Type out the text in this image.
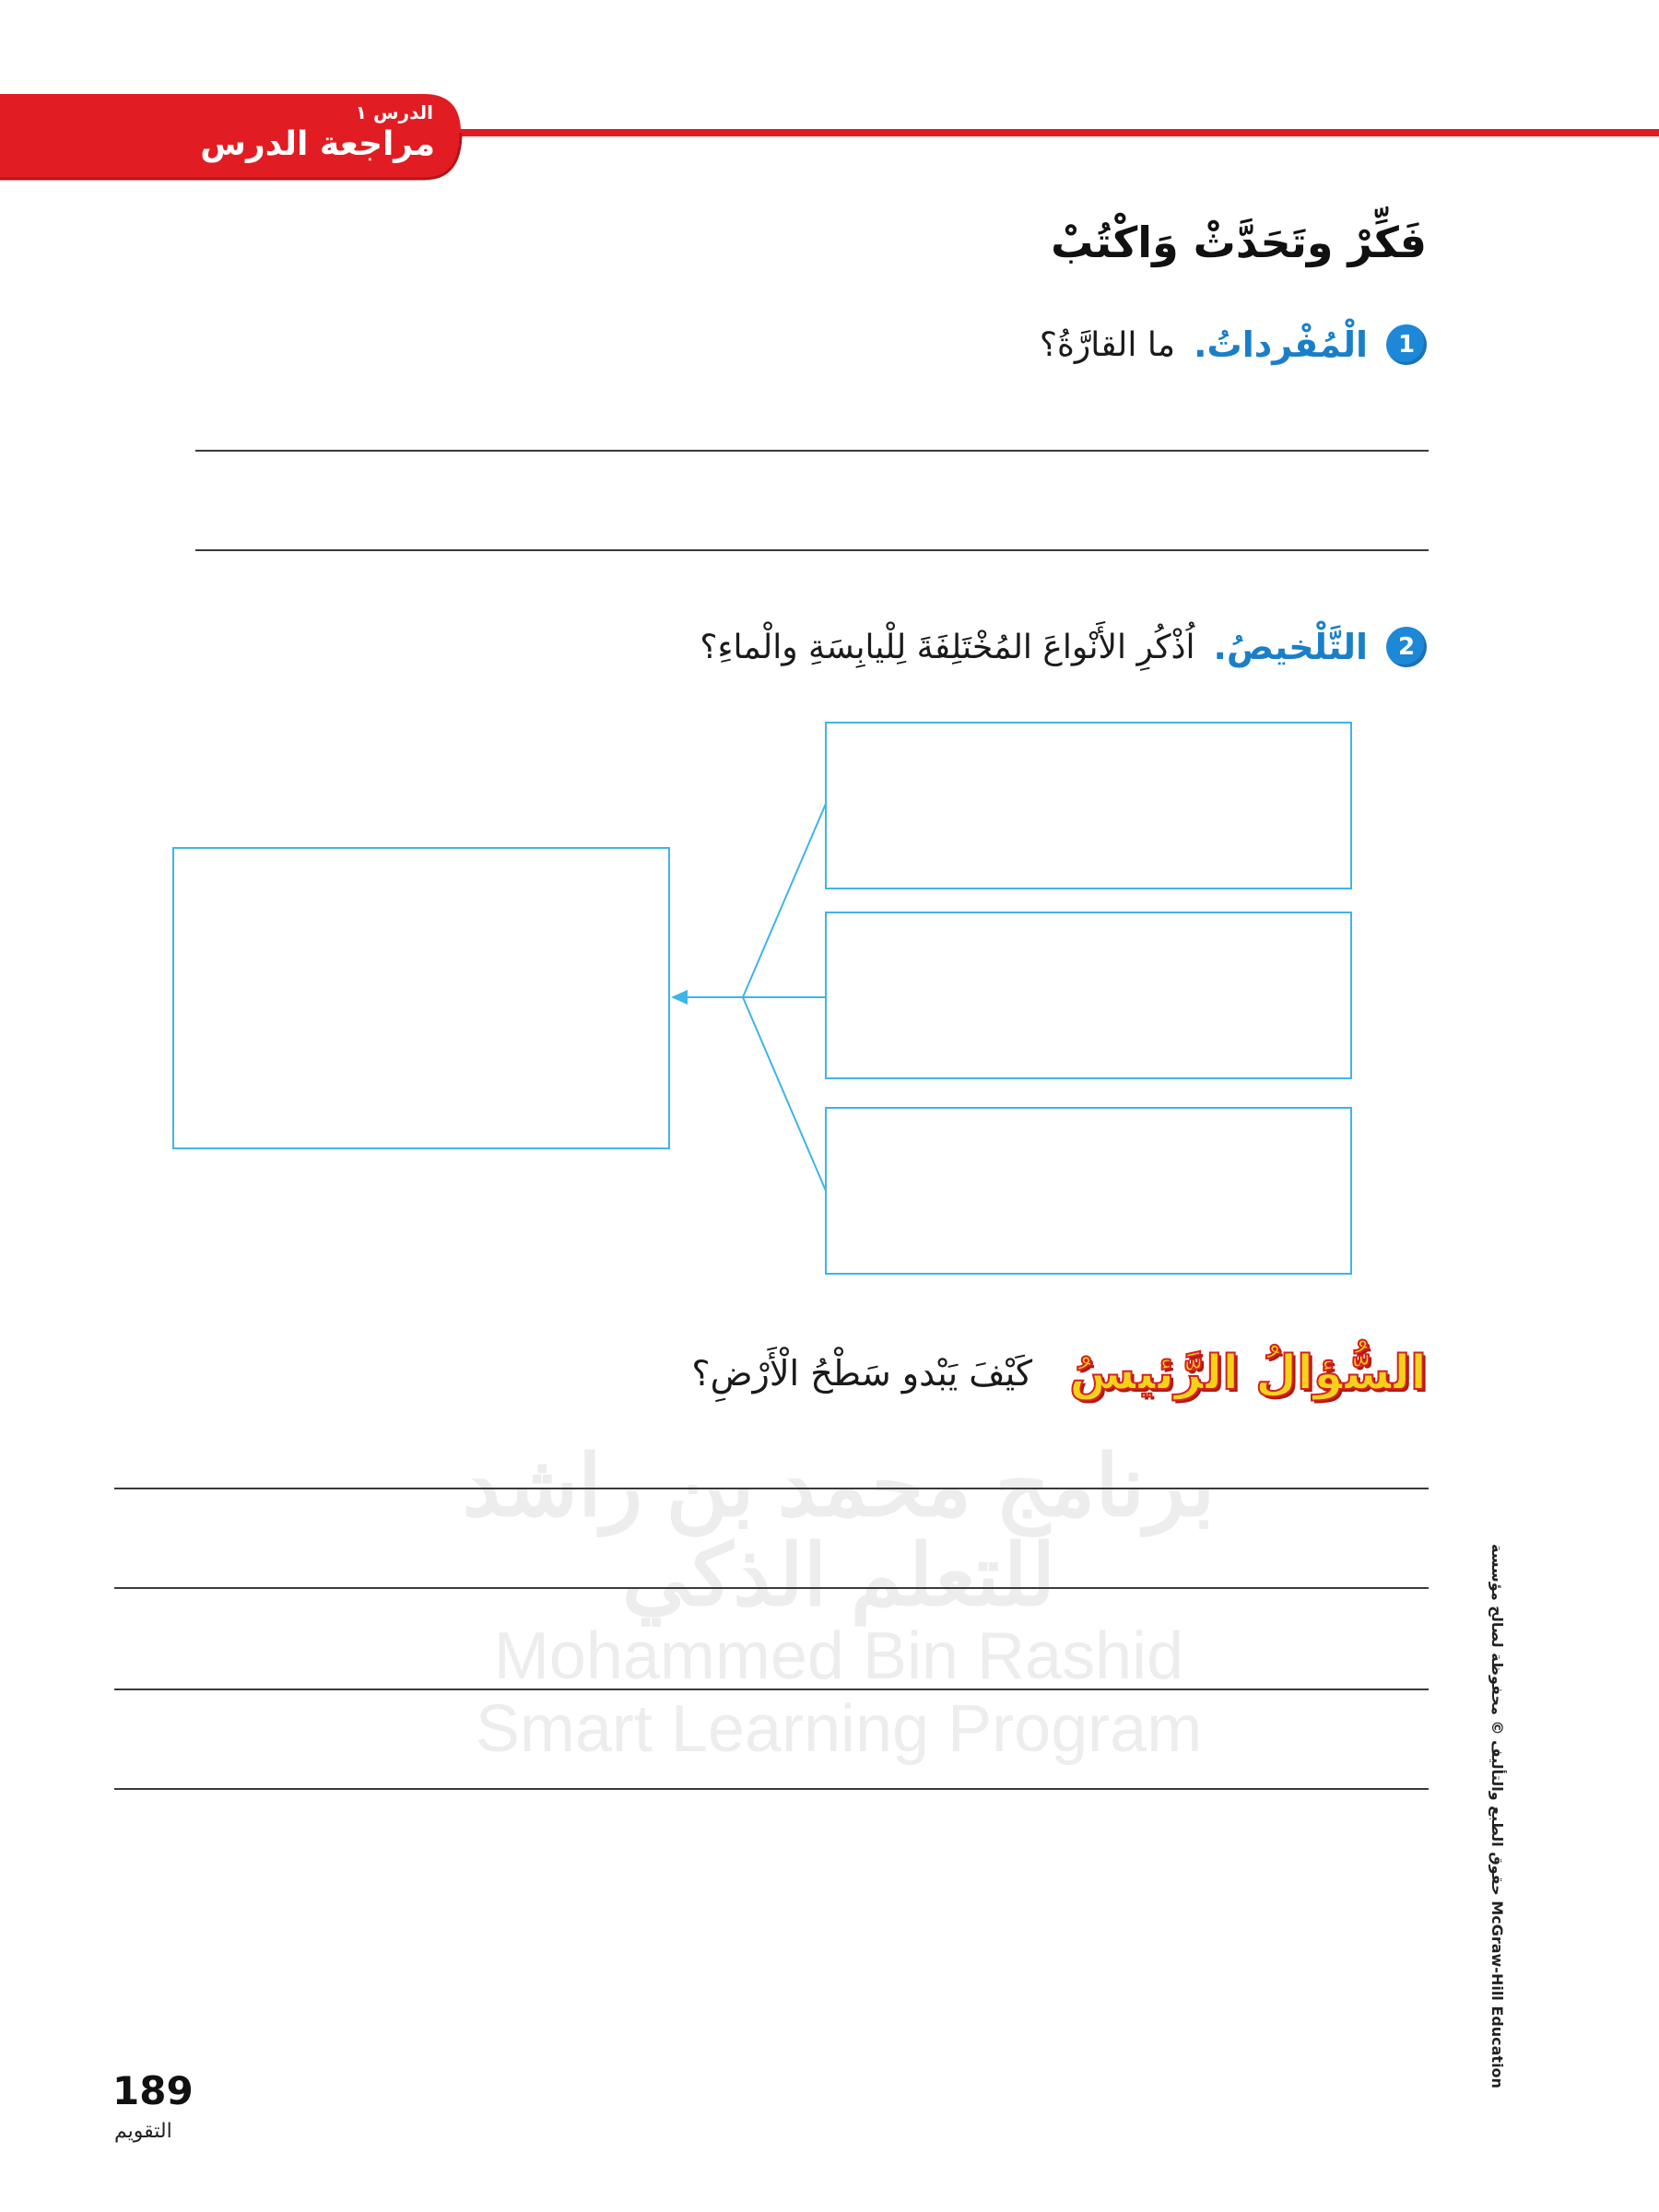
الدرس ١
مراجعة الدرس
فَكِّرْ وتَحَدَّثْ وَاكْتُبْ
1
الْمُفْرداتُ.
ما القارَّةُ؟
2
التَّلْخيصُ.
اُذْكُرِ الأَنْواعَ المُخْتَلِفَةَ لِلْيابِسَةِ والْماءِ؟
السُّؤالُ الرَّئيسُ
كَيْفَ يَبْدو سَطْحُ الْأَرْضِ؟
برنامج محمد بن راشد
للتعلم الذكي
Mohammed Bin Rashid
Smart Learning Program	حقوق الطبع والتأليف © محفوظة لصالح مؤسسة McGraw-Hill Education
189
التقويم
